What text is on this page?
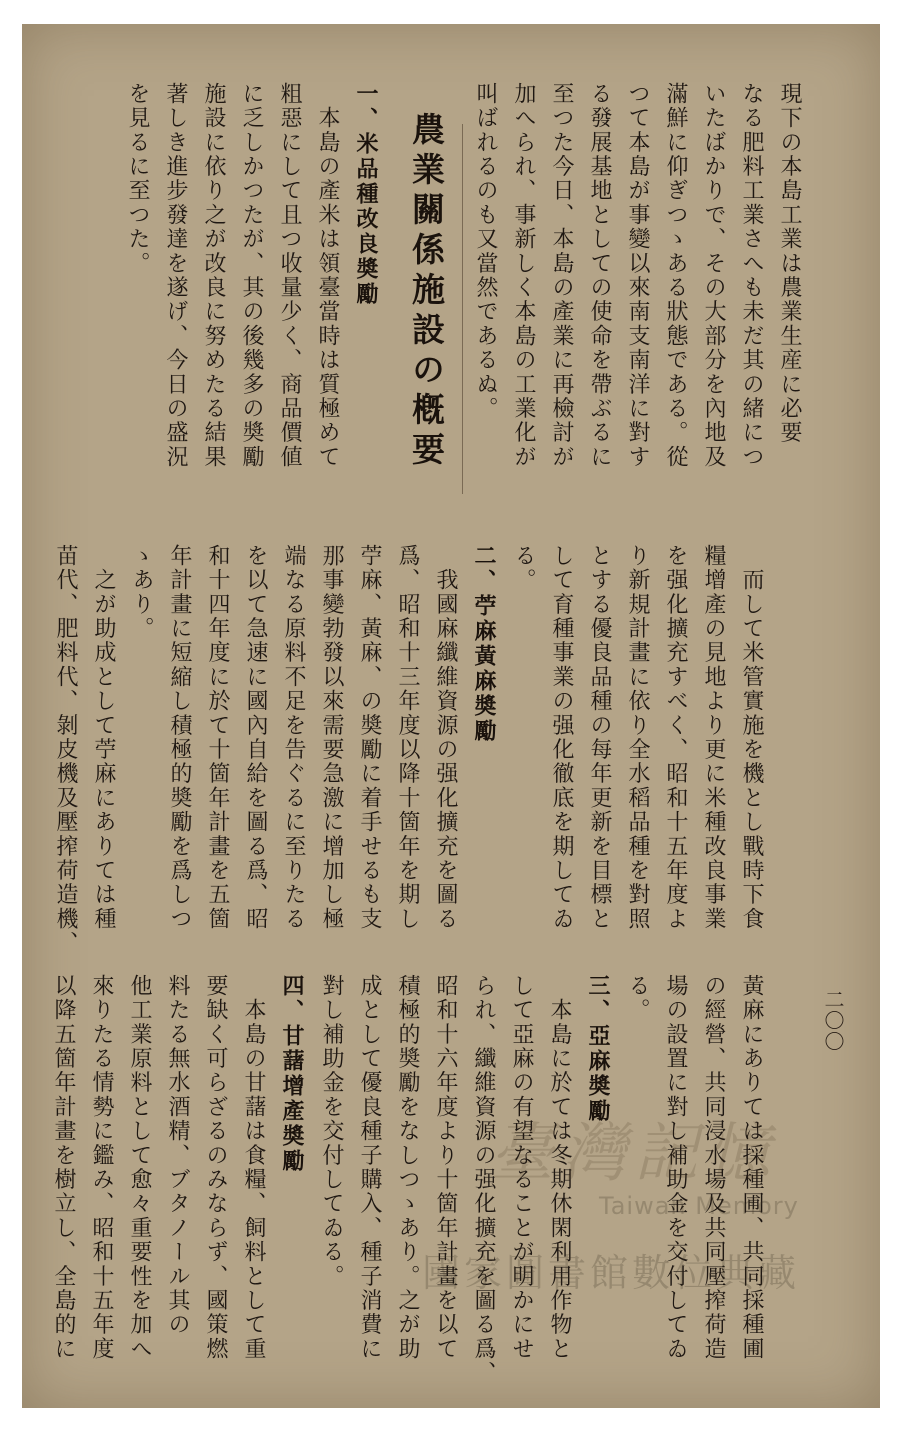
二〇〇
現下の本島工業は農業生産に必要
なる肥料工業さへも未だ其の緒につ
いたばかりで、その大部分を內地及
滿鮮に仰ぎつゝある狀態である。從
つて本島が事變以來南支南洋に對す
る發展基地としての使命を帶ぶるに
至つた今日、本島の產業に再檢討が
加へられ、事新しく本島の工業化が
叫ばれるのも又當然であるぬ。
農業關係施設の槪要
一、米品種改良奬勵
　本島の產米は領臺當時は質極めて
粗惡にして且つ收量少く、商品價値
に乏しかつたが、其の後幾多の奬勵
施設に依り之が改良に努めたる結果
著しき進步發達を遂げ、今日の盛況
を見るに至つた。
　而して米管實施を機とし戰時下食
糧增產の見地より更に米種改良事業
を强化擴充すべく、昭和十五年度よ
り新規計畫に依り全水稻品種を對照
とする優良品種の每年更新を目標と
して育種事業の强化徹底を期してゐ
る。
二、苧麻黃麻奬勵
　我國麻纖維資源の强化擴充を圖る
爲、昭和十三年度以降十箇年を期し
苧麻、黃麻、の奬勵に着手せるも支
那事變勃發以來需要急激に增加し極
端なる原料不足を告ぐるに至りたる
を以て急速に國內自給を圖る爲、昭
和十四年度に於て十箇年計畫を五箇
年計畫に短縮し積極的奬勵を爲しつ
ゝあり。
　之が助成として苧麻にありては種
苗代、肥料代、剝皮機及壓搾荷造機、
黃麻にありては採種圃、共同採種圃
の經營、共同浸水場及共同壓搾荷造
場の設置に對し補助金を交付してゐ
る。
三、亞麻奬勵
　本島に於ては冬期休閑利用作物と
して亞麻の有望なることが明かにせ
られ、纖維資源の强化擴充を圖る爲、
昭和十六年度より十箇年計畫を以て
積極的奬勵をなしつゝあり。之が助
成として優良種子購入、種子消費に
對し補助金を交付してゐる。
四、甘藷增產奬勵
　本島の甘藷は食糧、飼料として重
要缺く可らざるのみならず、國策燃
料たる無水酒精、ブタノール其の
他工業原料として愈々重要性を加へ
來りたる情勢に鑑み、昭和十五年度
以降五箇年計畫を樹立し、全島的に	臺灣記憶
Taiwan Memory
國家圖書館數位典藏
